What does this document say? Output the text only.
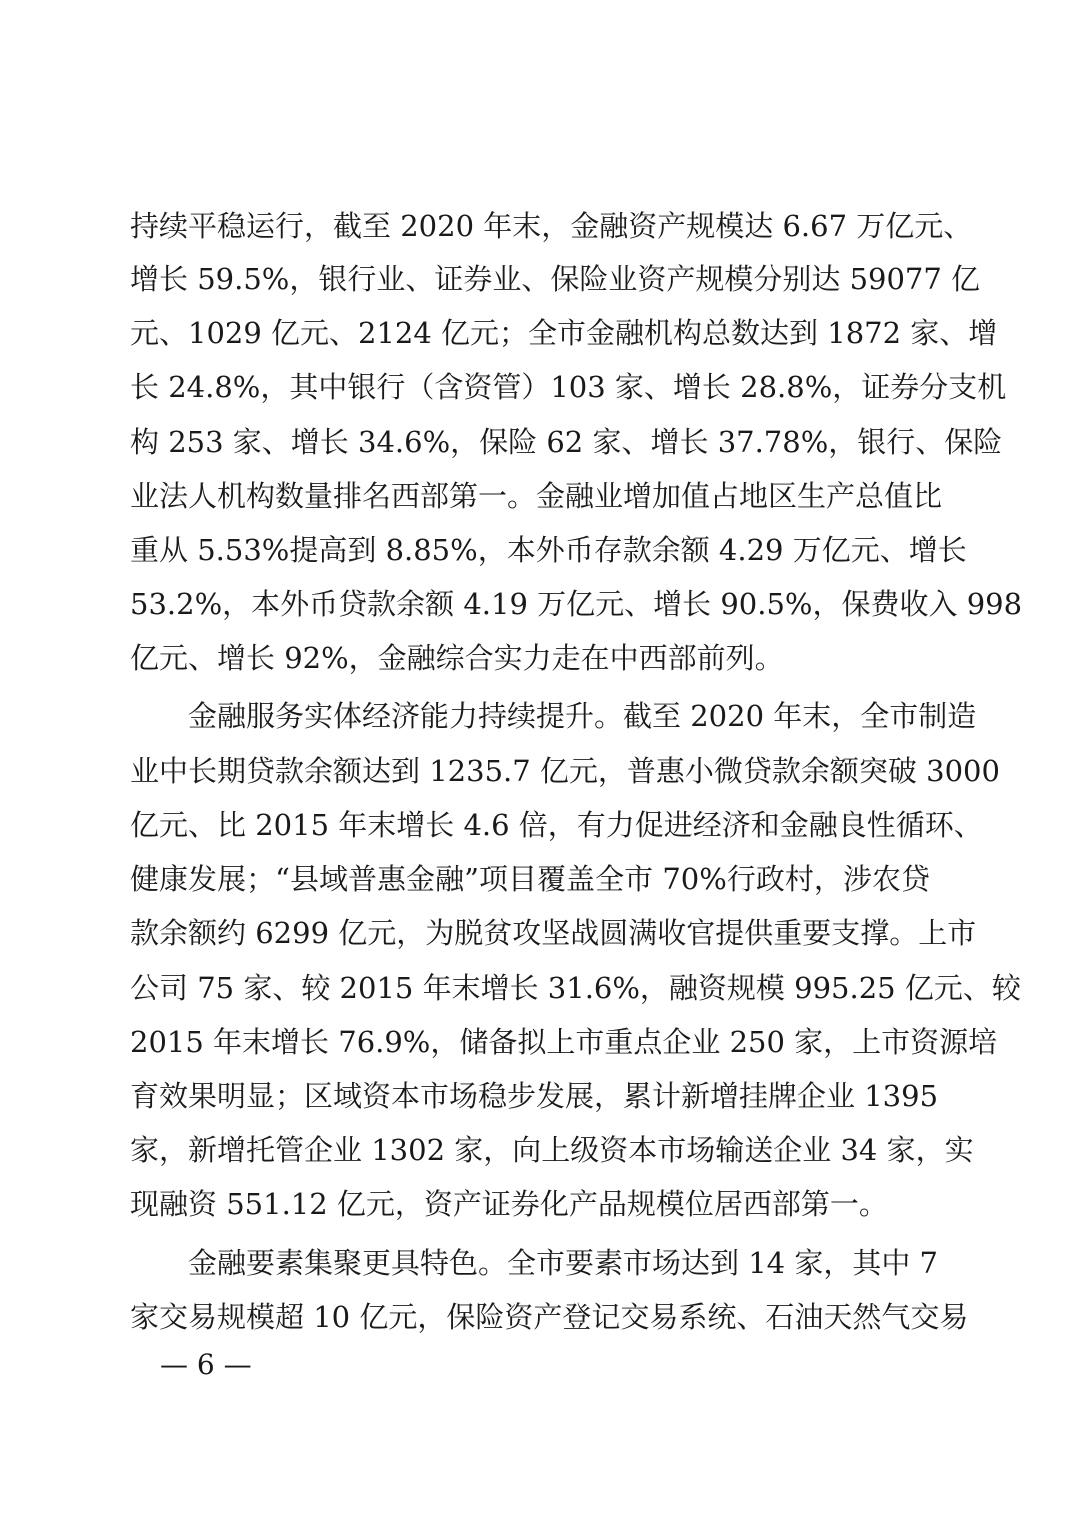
持续平稳运行，截至 2020 年末，金融资产规模达 6.67 万亿元、
增长 59.5%，银行业、证券业、保险业资产规模分别达 59077 亿
元、1029 亿元、2124 亿元；全市金融机构总数达到 1872 家、增
长 24.8%，其中银行（含资管）103 家、增长 28.8%，证券分支机
构 253 家、增长 34.6%，保险 62 家、增长 37.78%，银行、保险
业法人机构数量排名西部第一。金融业增加值占地区生产总值比
重从 5.53%提高到 8.85%，本外币存款余额 4.29 万亿元、增长
53.2%，本外币贷款余额 4.19 万亿元、增长 90.5%，保费收入 998
亿元、增长 92%，金融综合实力走在中西部前列。
金融服务实体经济能力持续提升。截至 2020 年末，全市制造
业中长期贷款余额达到 1235.7 亿元，普惠小微贷款余额突破 3000
亿元、比 2015 年末增长 4.6 倍，有力促进经济和金融良性循环、
健康发展；“县域普惠金融”项目覆盖全市 70%行政村，涉农贷
款余额约 6299 亿元，为脱贫攻坚战圆满收官提供重要支撑。上市
公司 75 家、较 2015 年末增长 31.6%，融资规模 995.25 亿元、较
2015 年末增长 76.9%，储备拟上市重点企业 250 家，上市资源培
育效果明显；区域资本市场稳步发展，累计新增挂牌企业 1395
家，新增托管企业 1302 家，向上级资本市场输送企业 34 家，实
现融资 551.12 亿元，资产证券化产品规模位居西部第一。
金融要素集聚更具特色。全市要素市场达到 14 家，其中 7
家交易规模超 10 亿元，保险资产登记交易系统、石油天然气交易
— 6 —
